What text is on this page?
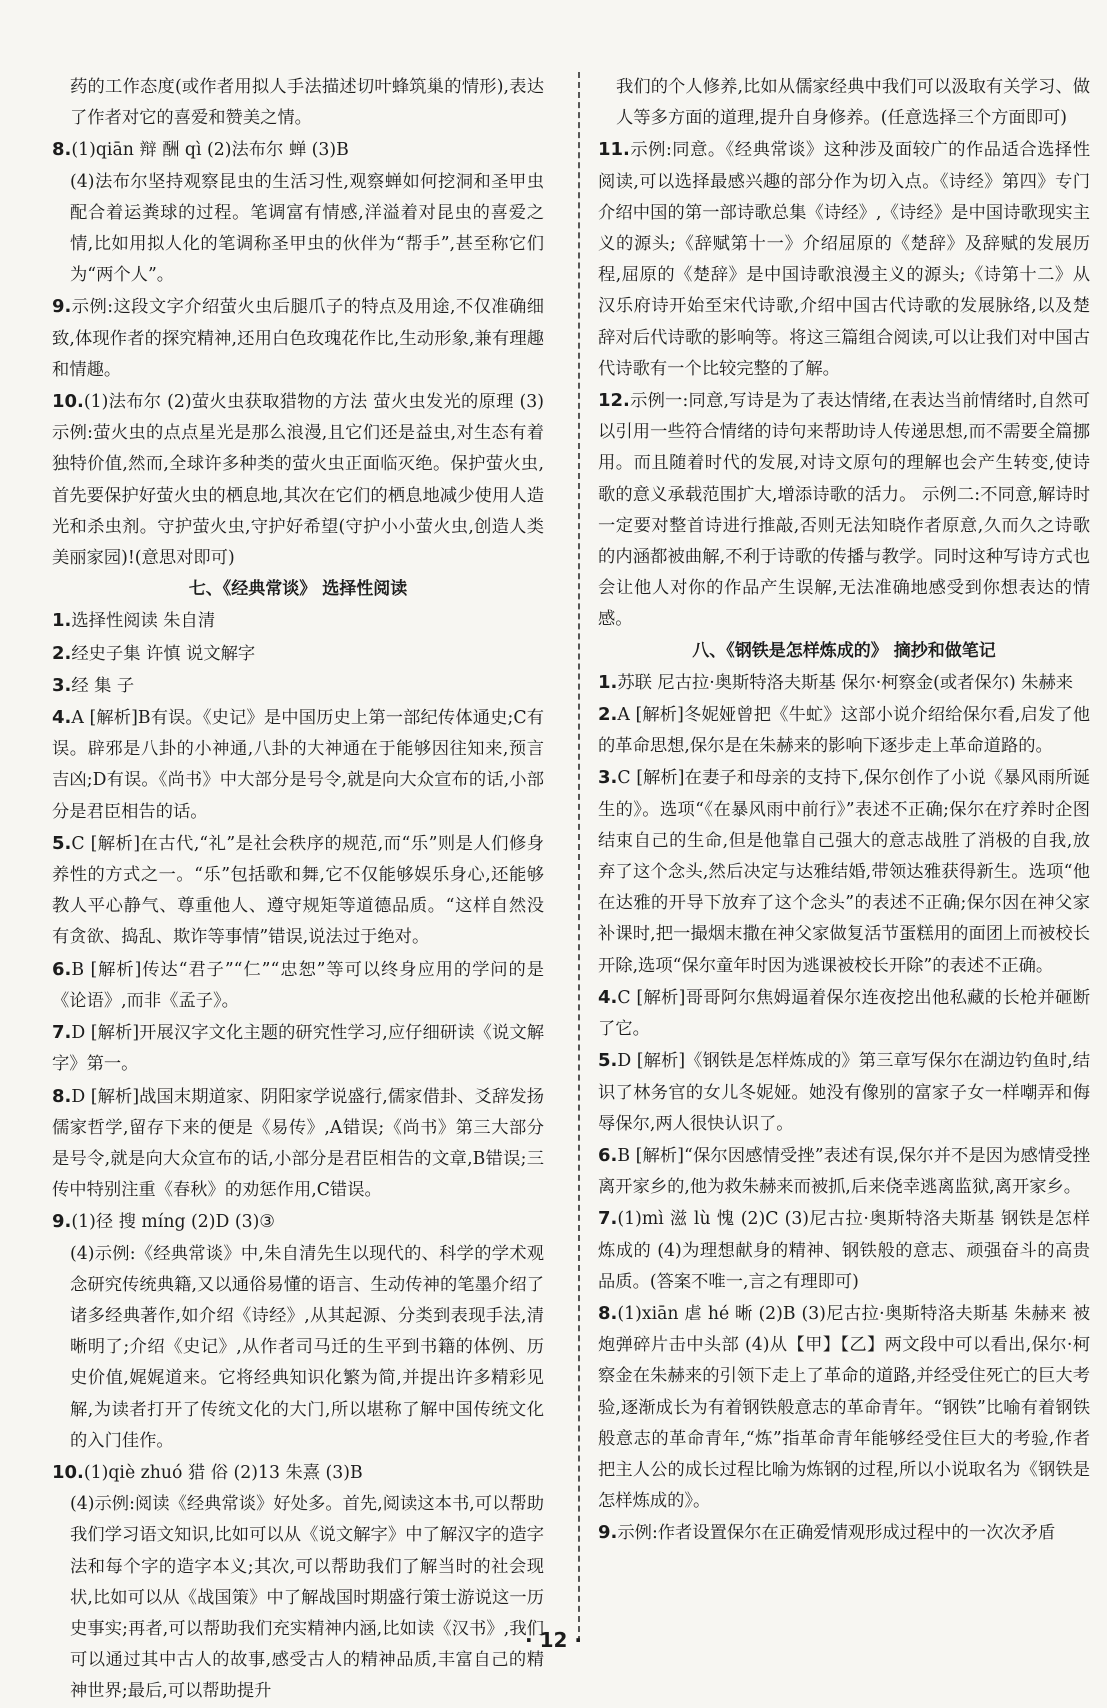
药的工作态度(或作者用拟人手法描述切叶蜂筑巢的情形),表达了作者对它的喜爱和赞美之情。

8.(1)qiān 辩 酬 qì (2)法布尔 蝉 (3)B

(4)法布尔坚持观察昆虫的生活习性,观察蝉如何挖洞和圣甲虫配合着运粪球的过程。笔调富有情感,洋溢着对昆虫的喜爱之情,比如用拟人化的笔调称圣甲虫的伙伴为“帮手”,甚至称它们为“两个人”。

9.示例:这段文字介绍萤火虫后腿爪子的特点及用途,不仅准确细致,体现作者的探究精神,还用白色玫瑰花作比,生动形象,兼有理趣和情趣。

10.(1)法布尔 (2)萤火虫获取猎物的方法 萤火虫发光的原理 (3)示例:萤火虫的点点星光是那么浪漫,且它们还是益虫,对生态有着独特价值,然而,全球许多种类的萤火虫正面临灭绝。保护萤火虫,首先要保护好萤火虫的栖息地,其次在它们的栖息地减少使用人造光和杀虫剂。守护萤火虫,守护好希望(守护小小萤火虫,创造人类美丽家园)!(意思对即可)

七、《经典常谈》 选择性阅读

1.选择性阅读 朱自清

2.经史子集 许慎 说文解字

3.经 集 子

4.A [解析]B有误。《史记》是中国历史上第一部纪传体通史;C有误。辟邪是八卦的小神通,八卦的大神通在于能够因往知来,预言吉凶;D有误。《尚书》中大部分是号令,就是向大众宣布的话,小部分是君臣相告的话。

5.C [解析]在古代,“礼”是社会秩序的规范,而“乐”则是人们修身养性的方式之一。“乐”包括歌和舞,它不仅能够娱乐身心,还能够教人平心静气、尊重他人、遵守规矩等道德品质。“这样自然没有贪欲、捣乱、欺诈等事情”错误,说法过于绝对。

6.B [解析]传达“君子”“仁”“忠恕”等可以终身应用的学问的是《论语》,而非《孟子》。

7.D [解析]开展汉字文化主题的研究性学习,应仔细研读《说文解字》第一。

8.D [解析]战国末期道家、阴阳家学说盛行,儒家借卦、爻辞发扬儒家哲学,留存下来的便是《易传》,A错误;《尚书》第三大部分是号令,就是向大众宣布的话,小部分是君臣相告的文章,B错误;三传中特别注重《春秋》的劝惩作用,C错误。

9.(1)径 搜 míng (2)D (3)③

(4)示例:《经典常谈》中,朱自清先生以现代的、科学的学术观念研究传统典籍,又以通俗易懂的语言、生动传神的笔墨介绍了诸多经典著作,如介绍《诗经》,从其起源、分类到表现手法,清晰明了;介绍《史记》,从作者司马迁的生平到书籍的体例、历史价值,娓娓道来。它将经典知识化繁为简,并提出许多精彩见解,为读者打开了传统文化的大门,所以堪称了解中国传统文化的入门佳作。

10.(1)qiè zhuó 猎 俗 (2)13 朱熹 (3)B

(4)示例:阅读《经典常谈》好处多。首先,阅读这本书,可以帮助我们学习语文知识,比如可以从《说文解字》中了解汉字的造字法和每个字的造字本义;其次,可以帮助我们了解当时的社会现状,比如可以从《战国策》中了解战国时期盛行策士游说这一历史事实;再者,可以帮助我们充实精神内涵,比如读《汉书》,我们可以通过其中古人的故事,感受古人的精神品质,丰富自己的精神世界;最后,可以帮助提升

我们的个人修养,比如从儒家经典中我们可以汲取有关学习、做人等多方面的道理,提升自身修养。(任意选择三个方面即可)

11.示例:同意。《经典常谈》这种涉及面较广的作品适合选择性阅读,可以选择最感兴趣的部分作为切入点。《诗经》第四》专门介绍中国的第一部诗歌总集《诗经》,《诗经》是中国诗歌现实主义的源头;《辞赋第十一》介绍屈原的《楚辞》及辞赋的发展历程,屈原的《楚辞》是中国诗歌浪漫主义的源头;《诗第十二》从汉乐府诗开始至宋代诗歌,介绍中国古代诗歌的发展脉络,以及楚辞对后代诗歌的影响等。将这三篇组合阅读,可以让我们对中国古代诗歌有一个比较完整的了解。

12.示例一:同意,写诗是为了表达情绪,在表达当前情绪时,自然可以引用一些符合情绪的诗句来帮助诗人传递思想,而不需要全篇挪用。而且随着时代的发展,对诗文原句的理解也会产生转变,使诗歌的意义承载范围扩大,增添诗歌的活力。 示例二:不同意,解诗时一定要对整首诗进行推敲,否则无法知晓作者原意,久而久之诗歌的内涵都被曲解,不利于诗歌的传播与教学。同时这种写诗方式也会让他人对你的作品产生误解,无法准确地感受到你想表达的情感。

八、《钢铁是怎样炼成的》 摘抄和做笔记

1.苏联 尼古拉·奥斯特洛夫斯基 保尔·柯察金(或者保尔) 朱赫来

2.A [解析]冬妮娅曾把《牛虻》这部小说介绍给保尔看,启发了他的革命思想,保尔是在朱赫来的影响下逐步走上革命道路的。

3.C [解析]在妻子和母亲的支持下,保尔创作了小说《暴风雨所诞生的》。选项“《在暴风雨中前行》”表述不正确;保尔在疗养时企图结束自己的生命,但是他靠自己强大的意志战胜了消极的自我,放弃了这个念头,然后决定与达雅结婚,带领达雅获得新生。选项“他在达雅的开导下放弃了这个念头”的表述不正确;保尔因在神父家补课时,把一撮烟末撒在神父家做复活节蛋糕用的面团上而被校长开除,选项“保尔童年时因为逃课被校长开除”的表述不正确。

4.C [解析]哥哥阿尔焦姆逼着保尔连夜挖出他私藏的长枪并砸断了它。

5.D [解析]《钢铁是怎样炼成的》第三章写保尔在湖边钓鱼时,结识了林务官的女儿冬妮娅。她没有像别的富家子女一样嘲弄和侮辱保尔,两人很快认识了。

6.B [解析]“保尔因感情受挫”表述有误,保尔并不是因为感情受挫离开家乡的,他为救朱赫来而被抓,后来侥幸逃离监狱,离开家乡。

7.(1)mì 滋 lù 愧 (2)C (3)尼古拉·奥斯特洛夫斯基 钢铁是怎样炼成的 (4)为理想献身的精神、钢铁般的意志、顽强奋斗的高贵品质。(答案不唯一,言之有理即可)

8.(1)xiān 虐 hé 晰 (2)B (3)尼古拉·奥斯特洛夫斯基 朱赫来 被炮弹碎片击中头部 (4)从【甲】【乙】两文段中可以看出,保尔·柯察金在朱赫来的引领下走上了革命的道路,并经受住死亡的巨大考验,逐渐成长为有着钢铁般意志的革命青年。“钢铁”比喻有着钢铁般意志的革命青年,“炼”指革命青年能够经受住巨大的考验,作者把主人公的成长过程比喻为炼钢的过程,所以小说取名为《钢铁是怎样炼成的》。

9.示例:作者设置保尔在正确爱情观形成过程中的一次次矛盾

· 12 ·
